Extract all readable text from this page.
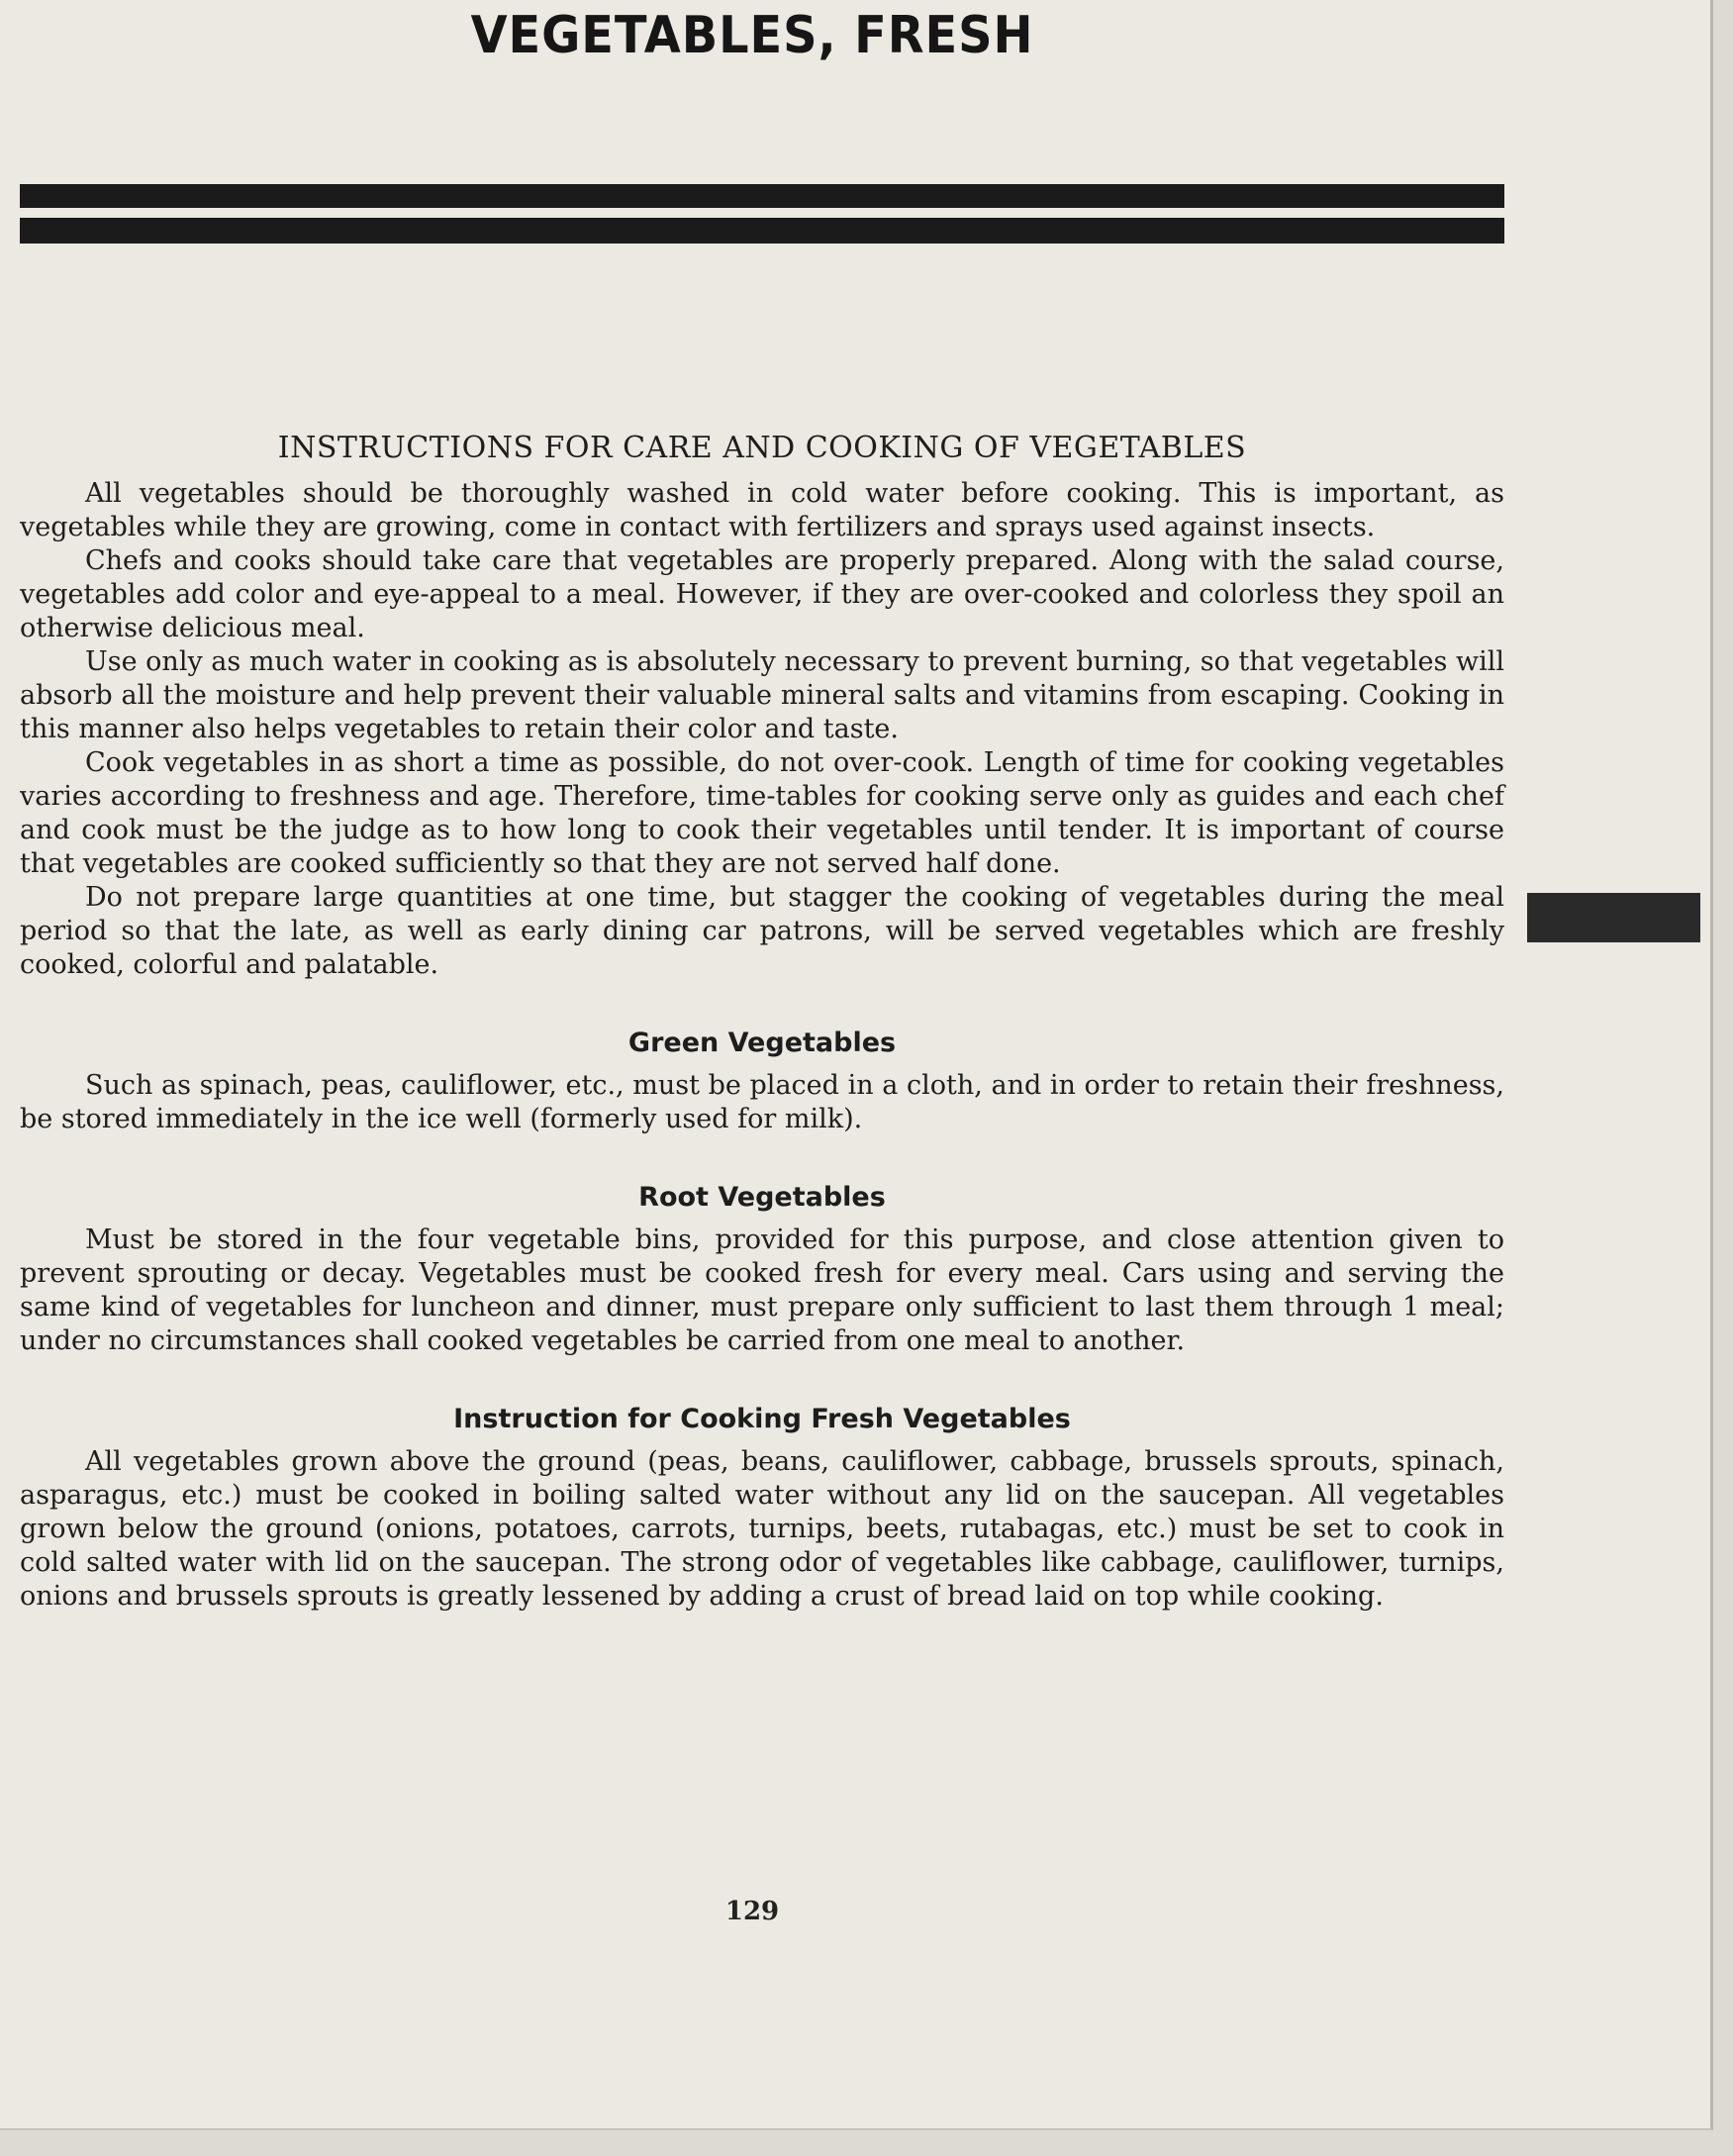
VEGETABLES, FRESH
INSTRUCTIONS FOR CARE AND COOKING OF VEGETABLES

All vegetables should be thoroughly washed in cold water before cooking. This is important, as vegetables while they are growing, come in contact with fertilizers and sprays used against insects.

Chefs and cooks should take care that vegetables are properly prepared. Along with the salad course, vegetables add color and eye-appeal to a meal. However, if they are over-cooked and colorless they spoil an otherwise delicious meal.

Use only as much water in cooking as is absolutely necessary to prevent burning, so that vegetables will absorb all the moisture and help prevent their valuable mineral salts and vitamins from escaping. Cooking in this manner also helps vegetables to retain their color and taste.

Cook vegetables in as short a time as possible, do not over-cook. Length of time for cooking vegetables varies according to freshness and age. Therefore, time-tables for cooking serve only as guides and each chef and cook must be the judge as to how long to cook their vegetables until tender. It is important of course that vegetables are cooked sufficiently so that they are not served half done.

Do not prepare large quantities at one time, but stagger the cooking of vegetables during the meal period so that the late, as well as early dining car patrons, will be served vegetables which are freshly cooked, colorful and palatable.

Green Vegetables

Such as spinach, peas, cauliflower, etc., must be placed in a cloth, and in order to retain their freshness, be stored immediately in the ice well (formerly used for milk).

Root Vegetables

Must be stored in the four vegetable bins, provided for this purpose, and close attention given to prevent sprouting or decay. Vegetables must be cooked fresh for every meal. Cars using and serving the same kind of vegetables for luncheon and dinner, must prepare only sufficient to last them through 1 meal; under no circumstances shall cooked vegetables be carried from one meal to another.

Instruction for Cooking Fresh Vegetables

All vegetables grown above the ground (peas, beans, cauliflower, cabbage, brussels sprouts, spinach, asparagus, etc.) must be cooked in boiling salted water without any lid on the saucepan. All vegetables grown below the ground (onions, potatoes, carrots, turnips, beets, rutabagas, etc.) must be set to cook in cold salted water with lid on the saucepan. The strong odor of vegetables like cabbage, cauliflower, turnips, onions and brussels sprouts is greatly lessened by adding a crust of bread laid on top while cooking.

129
